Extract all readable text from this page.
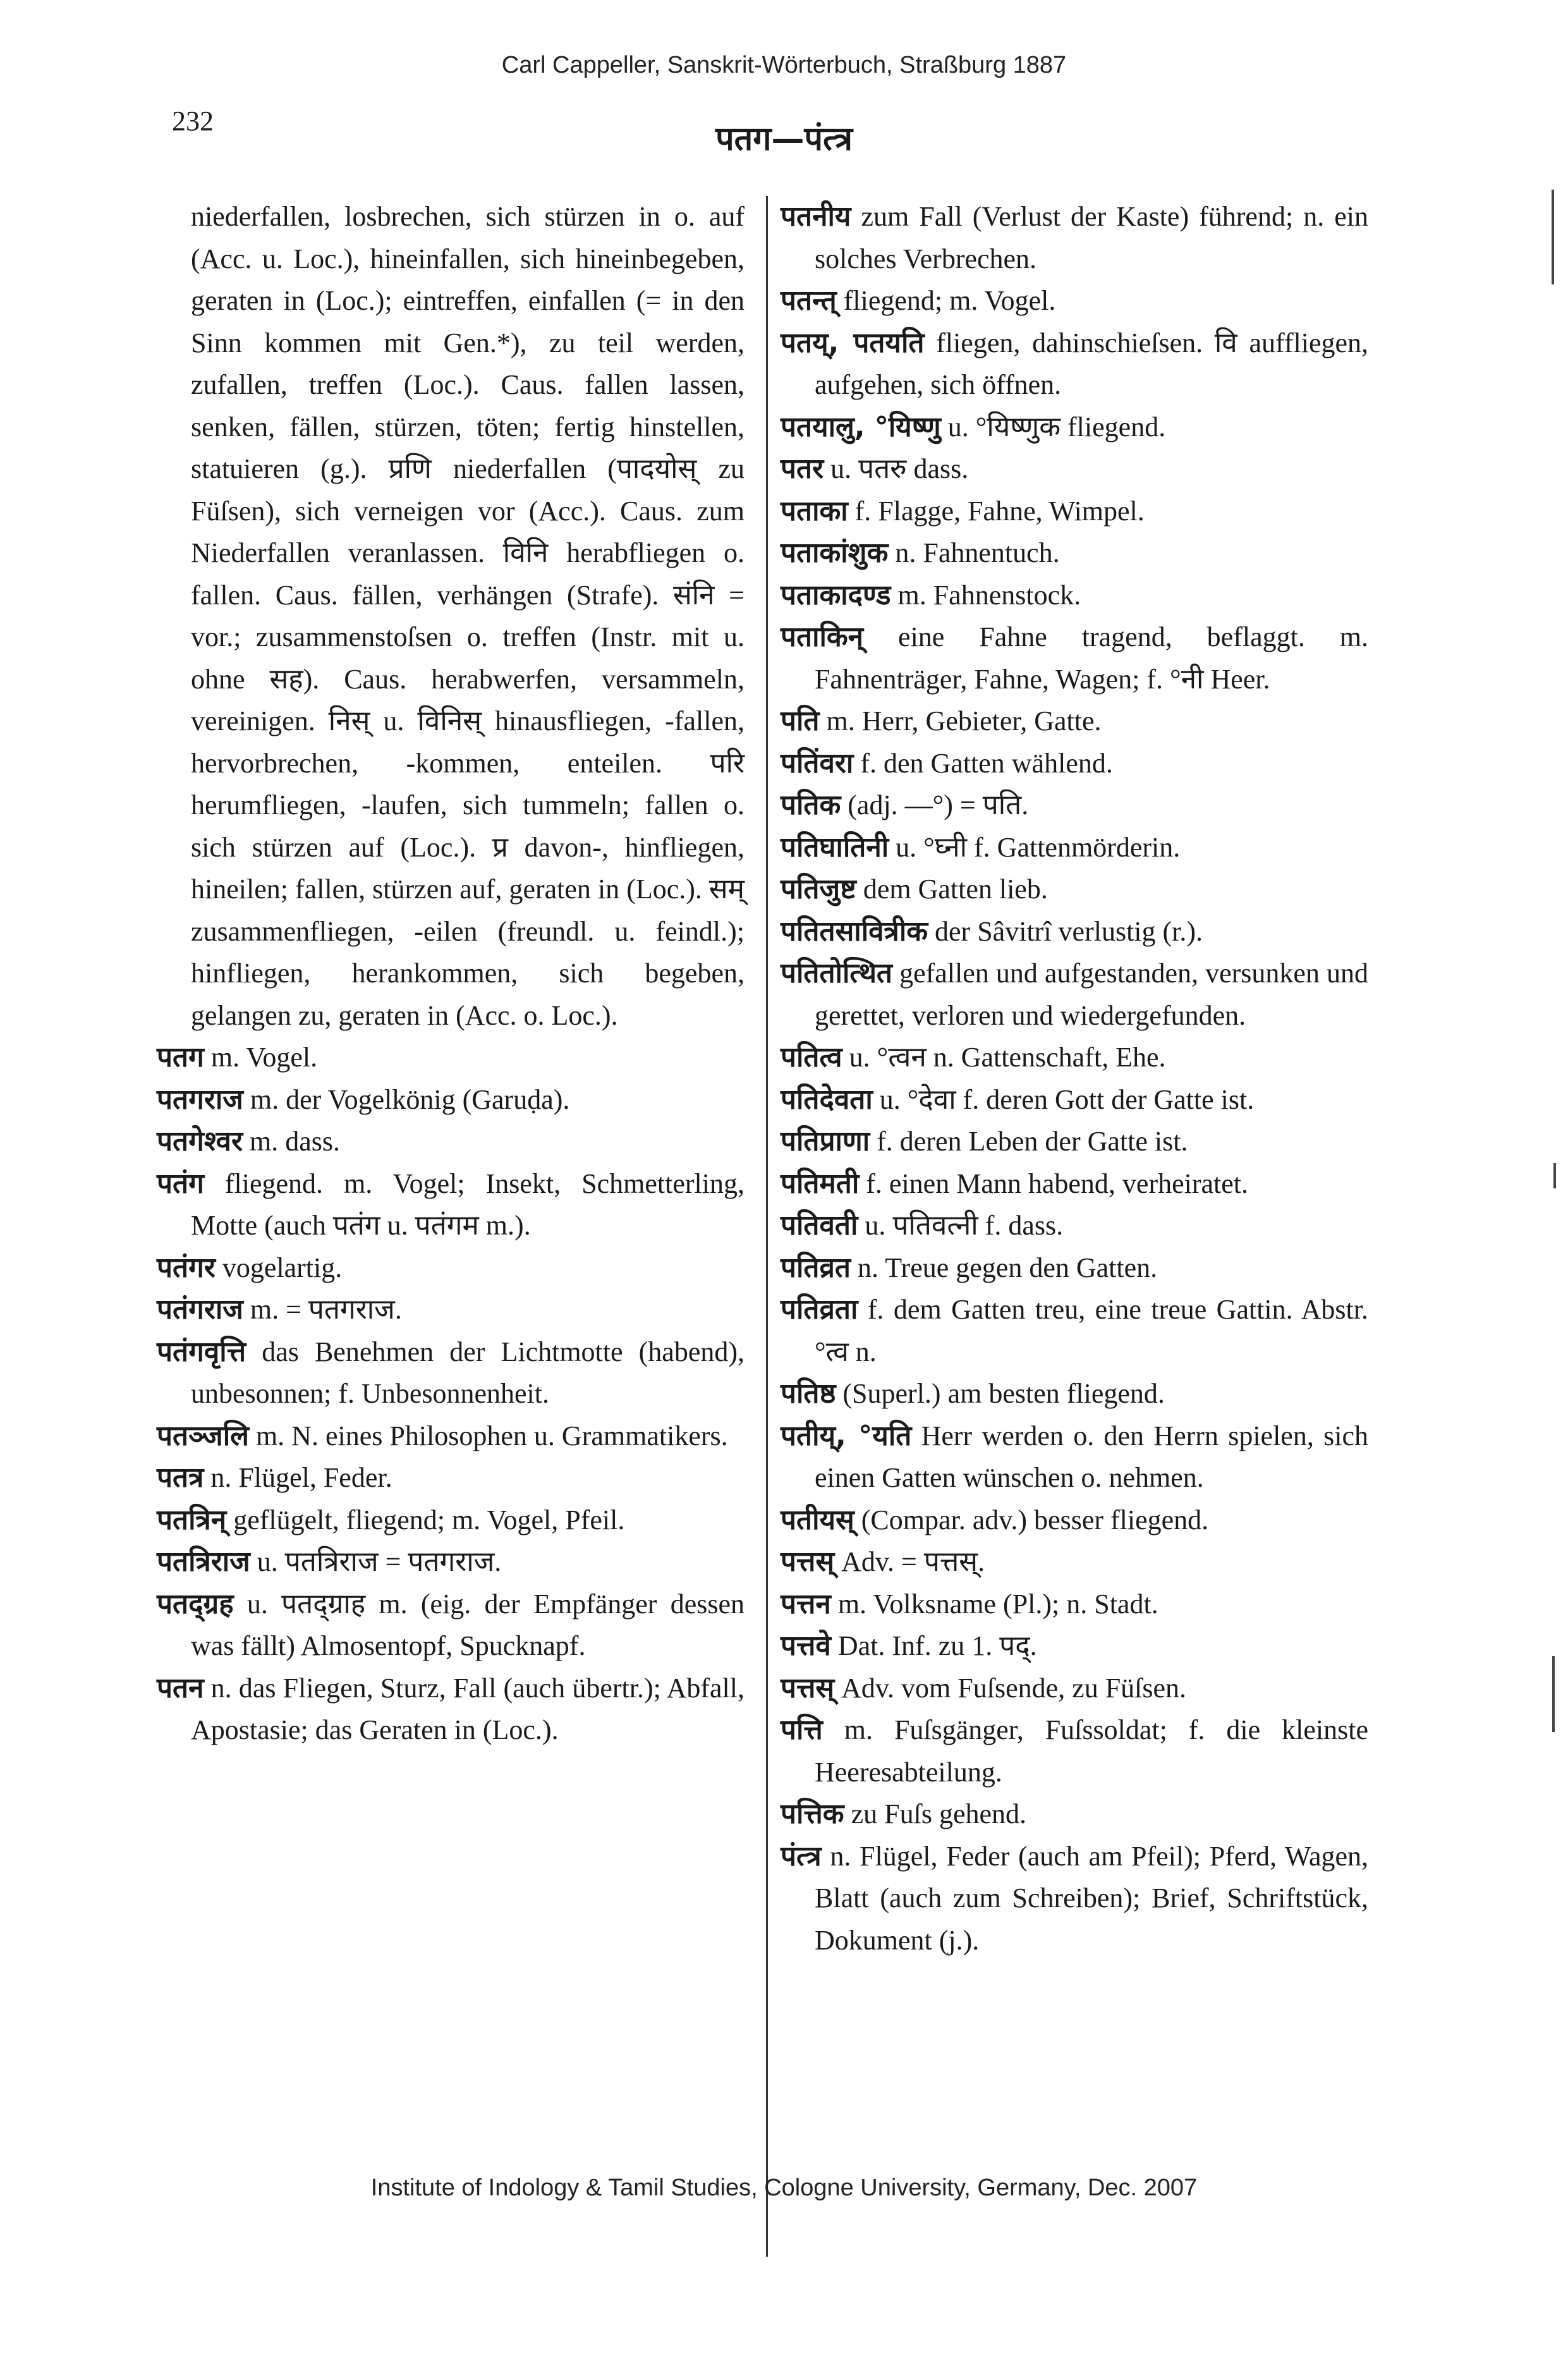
Carl Cappeller, Sanskrit-Wörterbuch, Straßburg 1887
232	पतग—पंत्त्र

niederfallen, losbrechen, sich stürzen in o. auf (Acc. u. Loc.), hineinfallen, sich hineinbegeben, geraten in (Loc.); eintreffen, einfallen (= in den Sinn kommen mit Gen.*), zu teil werden, zufallen, treffen (Loc.). Caus. fallen lassen, senken, fällen, stürzen, töten; fertig hinstellen, statuieren (g.). प्रणि niederfallen (पादयोस् zu Füſsen), sich verneigen vor (Acc.). Caus. zum Niederfallen veranlassen. विनि herabfliegen o. fallen. Caus. fällen, verhängen (Strafe). संनि = vor.; zusammenstoſsen o. treffen (Instr. mit u. ohne सह). Caus. herabwerfen, versammeln, vereinigen. निस् u. विनिस् hinausfliegen, -fallen, hervorbrechen, -kommen, enteilen. परि herumfliegen, -laufen, sich tummeln; fallen o. sich stürzen auf (Loc.). प्र davon-, hinfliegen, hineilen; fallen, stürzen auf, geraten in (Loc.). सम् zusammenfliegen, -eilen (freundl. u. feindl.); hinfliegen, herankommen, sich begeben, gelangen zu, geraten in (Acc. o. Loc.).

पतग m. Vogel.

पतगराज m. der Vogelkönig (Garuḍa).

पतगेश्वर m. dass.

पतंग fliegend. m. Vogel; Insekt, Schmetterling, Motte (auch पतंग u. पतंगम m.).

पतंगर vogelartig.

पतंगराज m. = पतगराज.

पतंगवृत्ति das Benehmen der Lichtmotte (habend), unbesonnen; f. Unbesonnenheit.

पतञ्जलि m. N. eines Philosophen u. Grammatikers.

पतत्र n. Flügel, Feder.

पतत्रिन् geflügelt, fliegend; m. Vogel, Pfeil.

पतत्रिराज u. पतत्रिराज = पतगराज.

पतद्ग्रह u. पतद्ग्राह m. (eig. der Empfänger dessen was fällt) Almosentopf, Spucknapf.

पतन n. das Fliegen, Sturz, Fall (auch übertr.); Abfall, Apostasie; das Geraten in (Loc.).

पतनीय zum Fall (Verlust der Kaste) führend; n. ein solches Verbrechen.

पतन्त् fliegend; m. Vogel.

पतय्, पतयति fliegen, dahinschieſsen. वि auffliegen, aufgehen, sich öffnen.

पतयालु, °यिष्णु u. °यिष्णुक fliegend.

पतर u. पतरु dass.

पताका f. Flagge, Fahne, Wimpel.

पताकांशुक n. Fahnentuch.

पताकादण्ड m. Fahnenstock.

पताकिन् eine Fahne tragend, beflaggt. m. Fahnenträger, Fahne, Wagen; f. °नी Heer.

पति m. Herr, Gebieter, Gatte.

पतिंवरा f. den Gatten wählend.

पतिक (adj. —°) = पति.

पतिघातिनी u. °घ्नी f. Gattenmörderin.

पतिजुष्ट dem Gatten lieb.

पतितसावित्रीक der Sâvitrî verlustig (r.).

पतितोत्थित gefallen und aufgestanden, versunken und gerettet, verloren und wiedergefunden.

पतित्व u. °त्वन n. Gattenschaft, Ehe.

पतिदेवता u. °देवा f. deren Gott der Gatte ist.

पतिप्राणा f. deren Leben der Gatte ist.

पतिमती f. einen Mann habend, verheiratet.

पतिवती u. पतिवत्नी f. dass.

पतिव्रत n. Treue gegen den Gatten.

पतिव्रता f. dem Gatten treu, eine treue Gattin. Abstr. °त्व n.

पतिष्ठ (Superl.) am besten fliegend.

पतीय्, °यति Herr werden o. den Herrn spielen, sich einen Gatten wünschen o. nehmen.

पतीयस् (Compar. adv.) besser fliegend.

पत्तस् Adv. = पत्तस्.

पत्तन m. Volksname (Pl.); n. Stadt.

पत्तवे Dat. Inf. zu 1. पद्.

पत्तस् Adv. vom Fuſsende, zu Füſsen.

पत्ति m. Fuſsgänger, Fuſssoldat; f. die kleinste Heeresabteilung.

पत्तिक zu Fuſs gehend.

पंत्त्र n. Flügel, Feder (auch am Pfeil); Pferd, Wagen, Blatt (auch zum Schreiben); Brief, Schriftstück, Dokument (j.).

Institute of Indology & Tamil Studies, Cologne University, Germany, Dec. 2007
